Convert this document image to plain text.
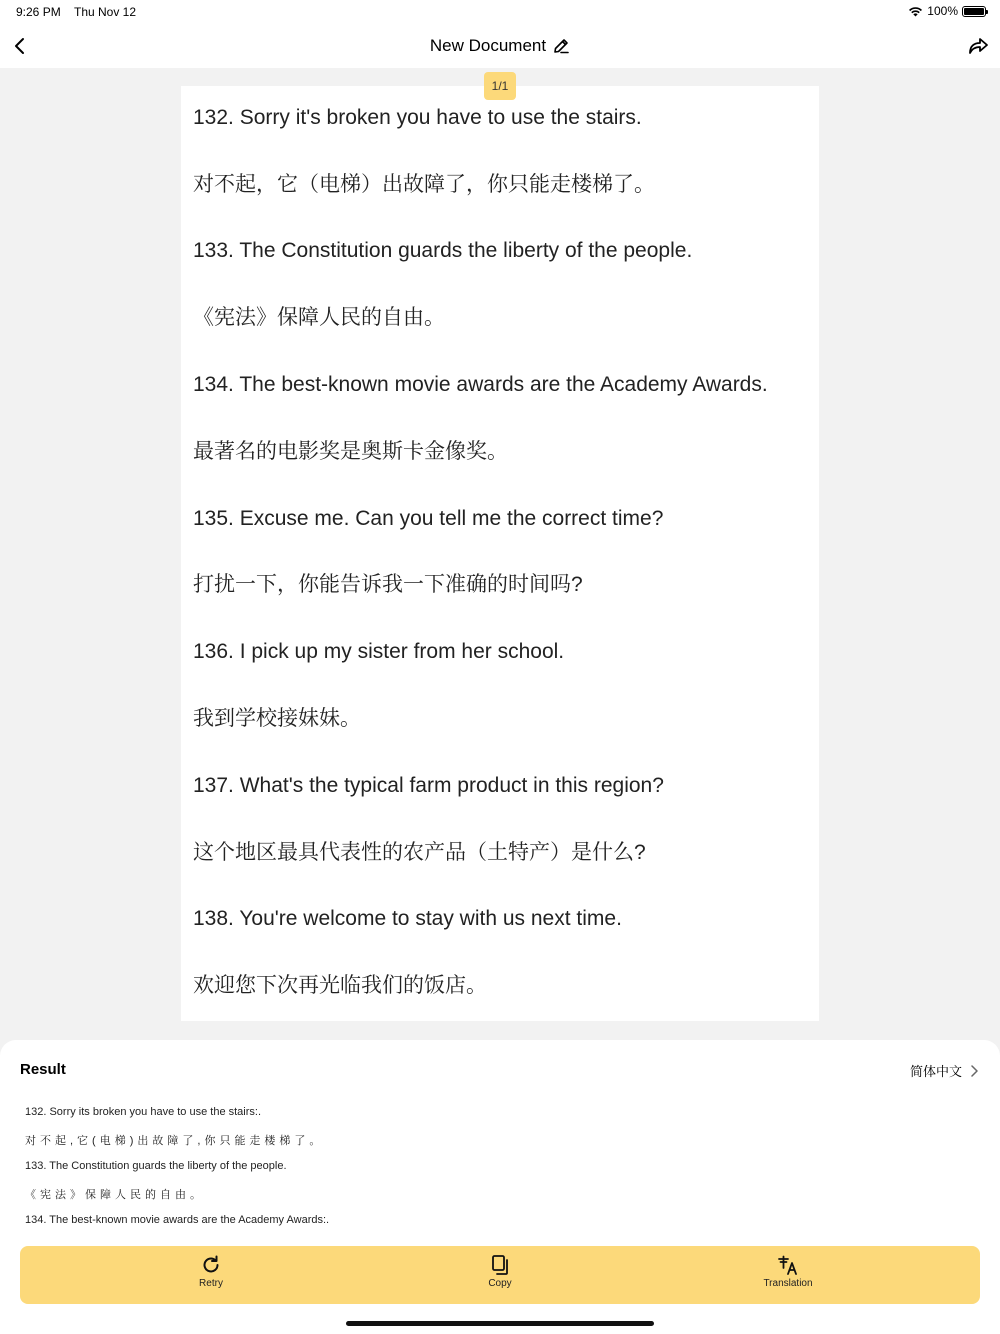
9:26 PM Thu Nov 12	100%
New Document
132. Sorry it's broken you have to use the stairs.
对不起，它（电梯）出故障了，你只能走楼梯了。
133. The Constitution guards the liberty of the people.
《宪法》保障人民的自由。
134. The best-known movie awards are the Academy Awards.
最著名的电影奖是奥斯卡金像奖。
135. Excuse me. Can you tell me the correct time?
打扰一下，你能告诉我一下准确的时间吗?
136. I pick up my sister from her school.
我到学校接妹妹。
137. What's the typical farm product in this region?
这个地区最具代表性的农产品（土特产）是什么?
138. You're welcome to stay with us next time.
欢迎您下次再光临我们的饭店。
1/1
Result	简体中文
132. Sorry its broken you have to use the stairs:.
对不起,它(电梯)出故障了,你只能走楼梯了。
133. The Constitution guards the liberty of the people.
《宪法》保障人民的自由。
134. The best-known movie awards are the Academy Awards:.
Retry	Copy	Translation
